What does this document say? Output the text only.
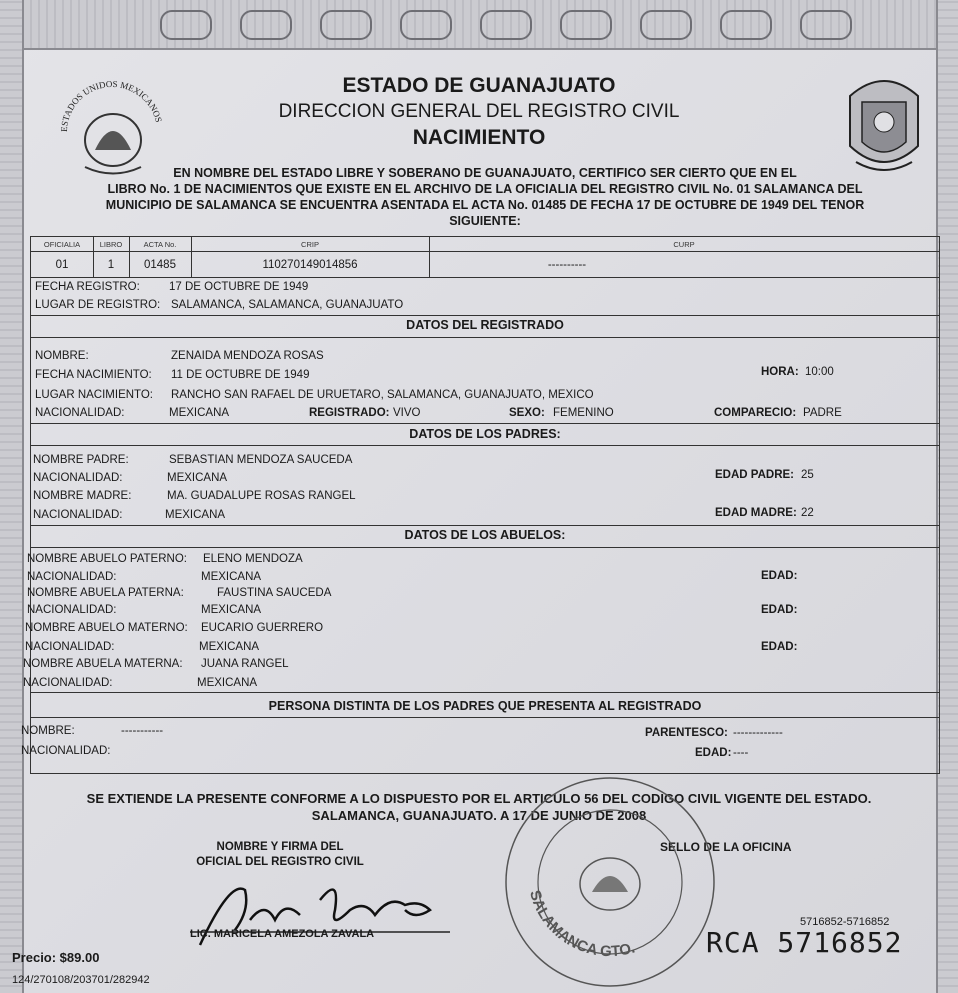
ESTADOS UNIDOS MEXICANOS
ESTADO DE GUANAJUATO
DIRECCION GENERAL DEL REGISTRO CIVIL
NACIMIENTO
EN NOMBRE DEL ESTADO LIBRE Y SOBERANO DE GUANAJUATO, CERTIFICO SER CIERTO QUE EN EL
LIBRO No. 1 DE NACIMIENTOS QUE EXISTE EN EL ARCHIVO DE LA OFICIALIA DEL REGISTRO CIVIL No. 01 SALAMANCA DEL
MUNICIPIO DE SALAMANCA SE ENCUENTRA ASENTADA EL ACTA No. 01485 DE FECHA 17 DE OCTUBRE DE 1949 DEL TENOR
SIGUIENTE:
OFICIALIA	LIBRO	ACTA No.	CRIP	CURP
01	1	01485	110270149014856	----------
FECHA REGISTRO:	17 DE OCTUBRE DE 1949
LUGAR DE REGISTRO: SALAMANCA, SALAMANCA, GUANAJUATO
DATOS DEL REGISTRADO
NOMBRE:	ZENAIDA MENDOZA ROSAS
FECHA NACIMIENTO: 11 DE OCTUBRE DE 1949	HORA: 10:00
LUGAR NACIMIENTO: RANCHO SAN RAFAEL DE URUETARO, SALAMANCA, GUANAJUATO, MEXICO
NACIONALIDAD:	MEXICANA	REGISTRADO: VIVO	SEXO: FEMENINO	COMPARECIO: PADRE
DATOS DE LOS PADRES:
NOMBRE PADRE:	SEBASTIAN MENDOZA SAUCEDA
NACIONALIDAD:	MEXICANA	EDAD PADRE: 25
NOMBRE MADRE:	MA. GUADALUPE ROSAS RANGEL
NACIONALIDAD:	MEXICANA	EDAD MADRE: 22
DATOS DE LOS ABUELOS:
NOMBRE ABUELO PATERNO: ELENO MENDOZA
NACIONALIDAD:	MEXICANA	EDAD:
NOMBRE ABUELA PATERNA:	FAUSTINA SAUCEDA
NACIONALIDAD:	MEXICANA	EDAD:
NOMBRE ABUELO MATERNO: EUCARIO GUERRERO
NACIONALIDAD:	MEXICANA	EDAD:
NOMBRE ABUELA MATERNA: JUANA RANGEL
NACIONALIDAD:	MEXICANA
PERSONA DISTINTA DE LOS PADRES QUE PRESENTA AL REGISTRADO
NOMBRE:	-----------	PARENTESCO: -------------
NACIONALIDAD:	EDAD: ----
SE EXTIENDE LA PRESENTE CONFORME A LO DISPUESTO POR EL ARTICULO 56 DEL CODIGO CIVIL VIGENTE DEL ESTADO.
SALAMANCA, GUANAJUATO. A 17 DE JUNIO DE 2008
NOMBRE Y FIRMA DEL
OFICIAL DEL REGISTRO CIVIL
SELLO DE LA OFICINA
SALAMANCA GTO.
LIC. MARICELA AMEZOLA ZAVALA
Precio: $89.00
124/270108/203701/282942
5716852-5716852
RCA 5716852
